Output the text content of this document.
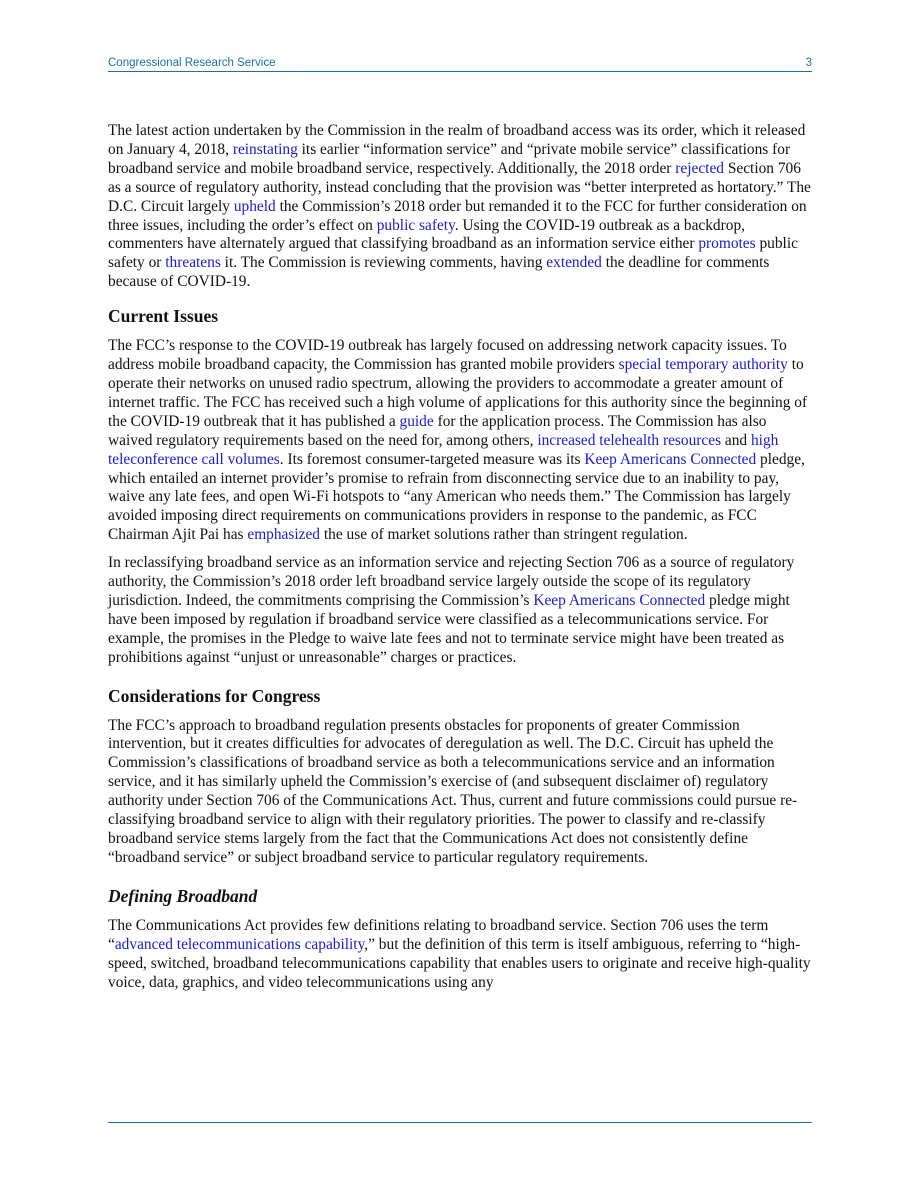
Congressional Research Service	3

The latest action undertaken by the Commission in the realm of broadband access was its order, which it released on January 4, 2018, reinstating its earlier “information service” and “private mobile service” classifications for broadband service and mobile broadband service, respectively. Additionally, the 2018 order rejected Section 706 as a source of regulatory authority, instead concluding that the provision was “better interpreted as hortatory.” The D.C. Circuit largely upheld the Commission’s 2018 order but remanded it to the FCC for further consideration on three issues, including the order’s effect on public safety. Using the COVID-19 outbreak as a backdrop, commenters have alternately argued that classifying broadband as an information service either promotes public safety or threatens it. The Commission is reviewing comments, having extended the deadline for comments because of COVID-19.

Current Issues

The FCC’s response to the COVID-19 outbreak has largely focused on addressing network capacity issues. To address mobile broadband capacity, the Commission has granted mobile providers special temporary authority to operate their networks on unused radio spectrum, allowing the providers to accommodate a greater amount of internet traffic. The FCC has received such a high volume of applications for this authority since the beginning of the COVID-19 outbreak that it has published a guide for the application process. The Commission has also waived regulatory requirements based on the need for, among others, increased telehealth resources and high teleconference call volumes. Its foremost consumer-targeted measure was its Keep Americans Connected pledge, which entailed an internet provider’s promise to refrain from disconnecting service due to an inability to pay, waive any late fees, and open Wi-Fi hotspots to “any American who needs them.” The Commission has largely avoided imposing direct requirements on communications providers in response to the pandemic, as FCC Chairman Ajit Pai has emphasized the use of market solutions rather than stringent regulation.

In reclassifying broadband service as an information service and rejecting Section 706 as a source of regulatory authority, the Commission’s 2018 order left broadband service largely outside the scope of its regulatory jurisdiction. Indeed, the commitments comprising the Commission’s Keep Americans Connected pledge might have been imposed by regulation if broadband service were classified as a telecommunications service. For example, the promises in the Pledge to waive late fees and not to terminate service might have been treated as prohibitions against “unjust or unreasonable” charges or practices.

Considerations for Congress

The FCC’s approach to broadband regulation presents obstacles for proponents of greater Commission intervention, but it creates difficulties for advocates of deregulation as well. The D.C. Circuit has upheld the Commission’s classifications of broadband service as both a telecommunications service and an information service, and it has similarly upheld the Commission’s exercise of (and subsequent disclaimer of) regulatory authority under Section 706 of the Communications Act. Thus, current and future commissions could pursue re-classifying broadband service to align with their regulatory priorities. The power to classify and re-classify broadband service stems largely from the fact that the Communications Act does not consistently define “broadband service” or subject broadband service to particular regulatory requirements.

Defining Broadband

The Communications Act provides few definitions relating to broadband service. Section 706 uses the term “advanced telecommunications capability,” but the definition of this term is itself ambiguous, referring to “high-speed, switched, broadband telecommunications capability that enables users to originate and receive high-quality voice, data, graphics, and video telecommunications using any
